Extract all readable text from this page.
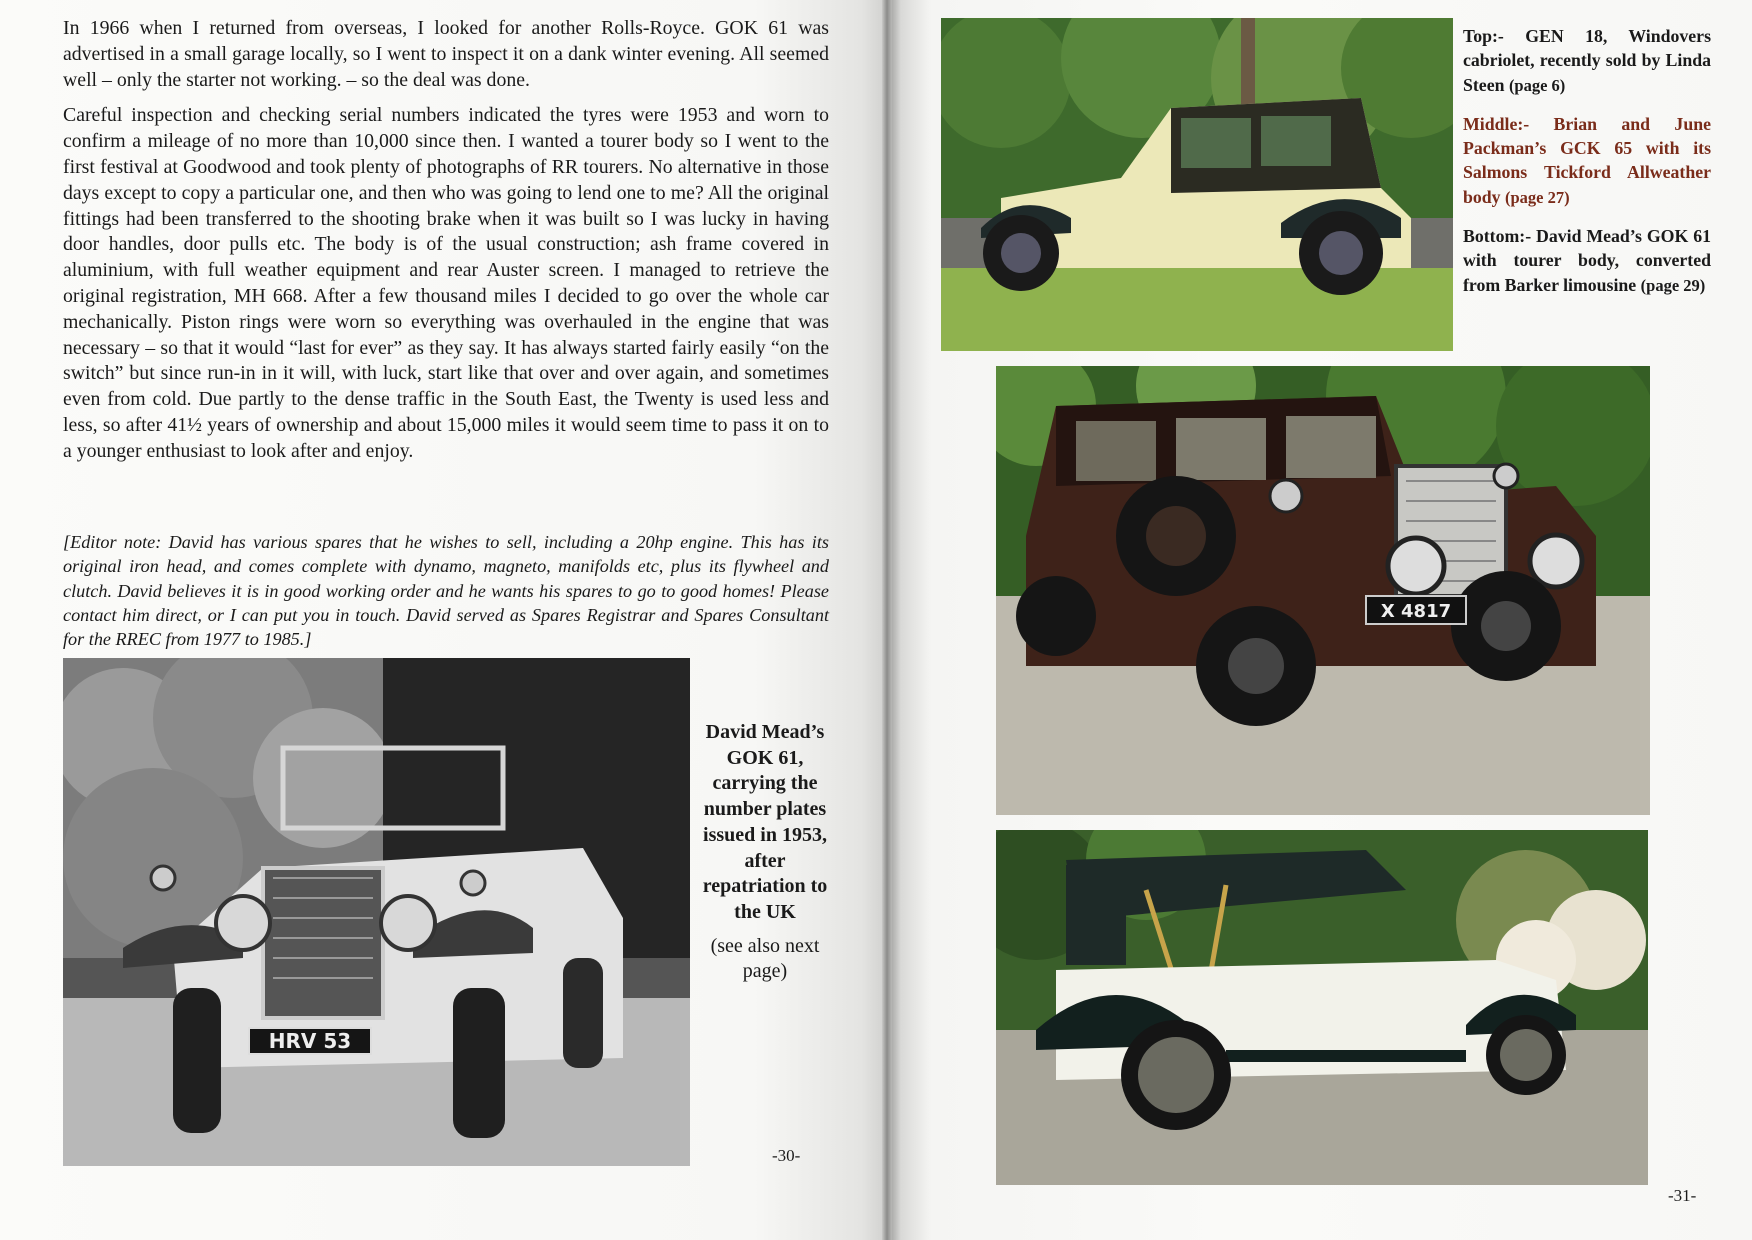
In 1966 when I returned from overseas, I looked for another Rolls-Royce. GOK 61 was advertised in a small garage locally, so I went to inspect it on a dank winter evening. All seemed well – only the starter not working. – so the deal was done.

Careful inspection and checking serial numbers indicated the tyres were 1953 and worn to confirm a mileage of no more than 10,000 since then. I wanted a tourer body so I went to the first festival at Goodwood and took plenty of photographs of RR tourers. No alternative in those days except to copy a particular one, and then who was going to lend one to me? All the original fittings had been transferred to the shooting brake when it was built so I was lucky in having door handles, door pulls etc. The body is of the usual construction; ash frame covered in aluminium, with full weather equipment and rear Auster screen. I managed to retrieve the original registration, MH 668. After a few thousand miles I decided to go over the whole car mechanically. Piston rings were worn so everything was overhauled in the engine that was necessary – so that it would “last for ever” as they say. It has always started fairly easily “on the switch” but since run-in in it will, with luck, start like that over and over again, and sometimes even from cold. Due partly to the dense traffic in the South East, the Twenty is used less and less, so after 41½ years of ownership and about 15,000 miles it would seem time to pass it on to a younger enthusiast to look after and enjoy.

[Editor note: David has various spares that he wishes to sell, including a 20hp engine. This has its original iron head, and comes complete with dynamo, magneto, manifolds etc, plus its flywheel and clutch. David believes it is in good working order and he wants his spares to go to good homes! Please contact him direct, or I can put you in touch. David served as Spares Registrar and Spares Consultant for the RREC from 1977 to 1985.]
HRV 53
David Mead’s GOK 61, carrying the number plates issued in 1953, after repatriation to the UK
(see also next page)
-30-
Top:- GEN 18, Windovers cabriolet, recently sold by Linda Steen (page 6)
Middle:- Brian and June Packman’s GCK 65 with its Salmons Tickford Allweather body (page 27)
Bottom:- David Mead’s GOK 61 with tourer body, converted from Barker limousine (page 29)
X 4817
-31-
